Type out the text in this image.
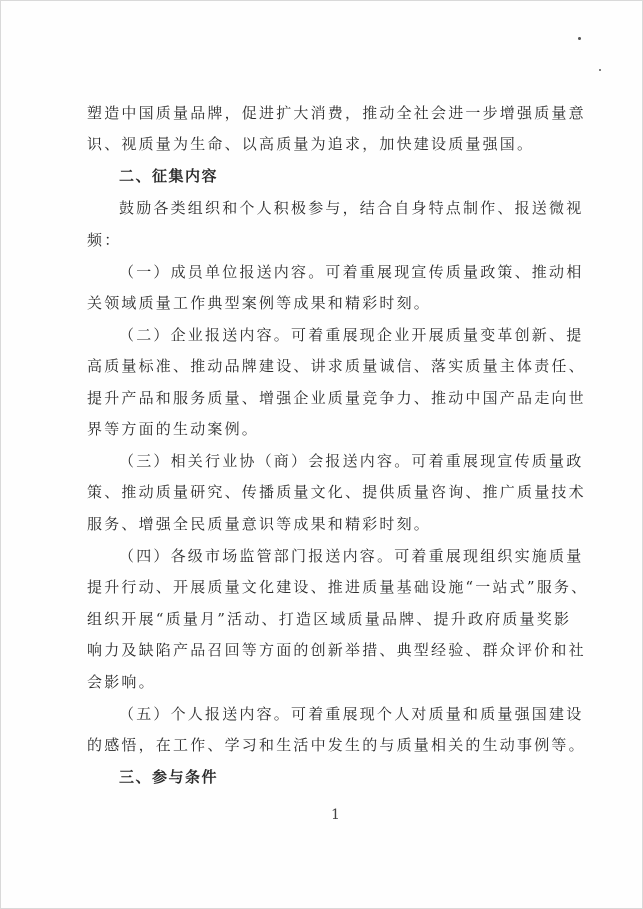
塑造中国质量品牌，促进扩大消费，推动全社会进一步增强质量意
识、视质量为生命、以高质量为追求，加快建设质量强国。
二、征集内容
鼓励各类组织和个人积极参与，结合自身特点制作、报送微视
频：
（一）成员单位报送内容。可着重展现宣传质量政策、推动相
关领域质量工作典型案例等成果和精彩时刻。
（二）企业报送内容。可着重展现企业开展质量变革创新、提
高质量标准、推动品牌建设、讲求质量诚信、落实质量主体责任、
提升产品和服务质量、增强企业质量竞争力、推动中国产品走向世
界等方面的生动案例。
（三）相关行业协（商）会报送内容。可着重展现宣传质量政
策、推动质量研究、传播质量文化、提供质量咨询、推广质量技术
服务、增强全民质量意识等成果和精彩时刻。
（四）各级市场监管部门报送内容。可着重展现组织实施质量
提升行动、开展质量文化建设、推进质量基础设施“一站式”服务、
组织开展“质量月”活动、打造区域质量品牌、提升政府质量奖影
响力及缺陷产品召回等方面的创新举措、典型经验、群众评价和社
会影响。
（五）个人报送内容。可着重展现个人对质量和质量强国建设
的感悟，在工作、学习和生活中发生的与质量相关的生动事例等。
三、参与条件
1
